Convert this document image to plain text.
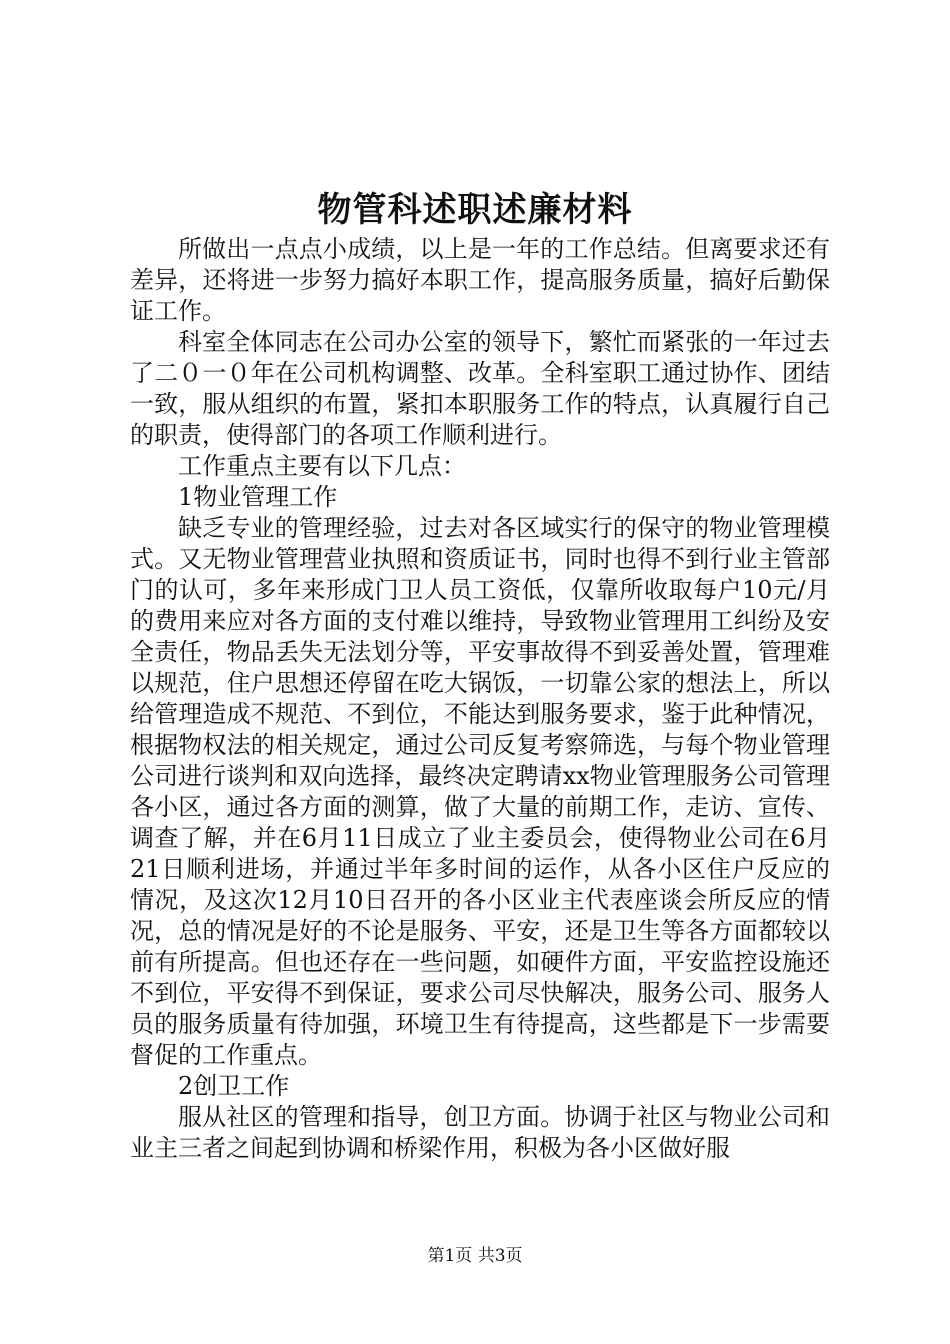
物管科述职述廉材料

所做出一点点小成绩，以上是一年的工作总结。但离要求还有差异，还将进一步努力搞好本职工作，提高服务质量，搞好后勤保证工作。

科室全体同志在公司办公室的领导下，繁忙而紧张的一年过去了二０一０年在公司机构调整、改革。全科室职工通过协作、团结一致，服从组织的布置，紧扣本职服务工作的特点，认真履行自己的职责，使得部门的各项工作顺利进行。

工作重点主要有以下几点：

1物业管理工作

缺乏专业的管理经验，过去对各区域实行的保守的物业管理模式。又无物业管理营业执照和资质证书，同时也得不到行业主管部门的认可，多年来形成门卫人员工资低，仅靠所收取每户10元/月的费用来应对各方面的支付难以维持，导致物业管理用工纠纷及安全责任，物品丢失无法划分等，平安事故得不到妥善处置，管理难以规范，住户思想还停留在吃大锅饭，一切靠公家的想法上，所以给管理造成不规范、不到位，不能达到服务要求，鉴于此种情况，根据物权法的相关规定，通过公司反复考察筛选，与每个物业管理公司进行谈判和双向选择，最终决定聘请xx物业管理服务公司管理各小区，通过各方面的测算，做了大量的前期工作，走访、宣传、调查了解，并在6月11日成立了业主委员会，使得物业公司在6月21日顺利进场，并通过半年多时间的运作，从各小区住户反应的情况，及这次12月10日召开的各小区业主代表座谈会所反应的情况，总的情况是好的不论是服务、平安，还是卫生等各方面都较以前有所提高。但也还存在一些问题，如硬件方面，平安监控设施还不到位，平安得不到保证，要求公司尽快解决，服务公司、服务人员的服务质量有待加强，环境卫生有待提高，这些都是下一步需要督促的工作重点。

2创卫工作

服从社区的管理和指导，创卫方面。协调于社区与物业公司和业主三者之间起到协调和桥梁作用，积极为各小区做好服

第1页 共3页
